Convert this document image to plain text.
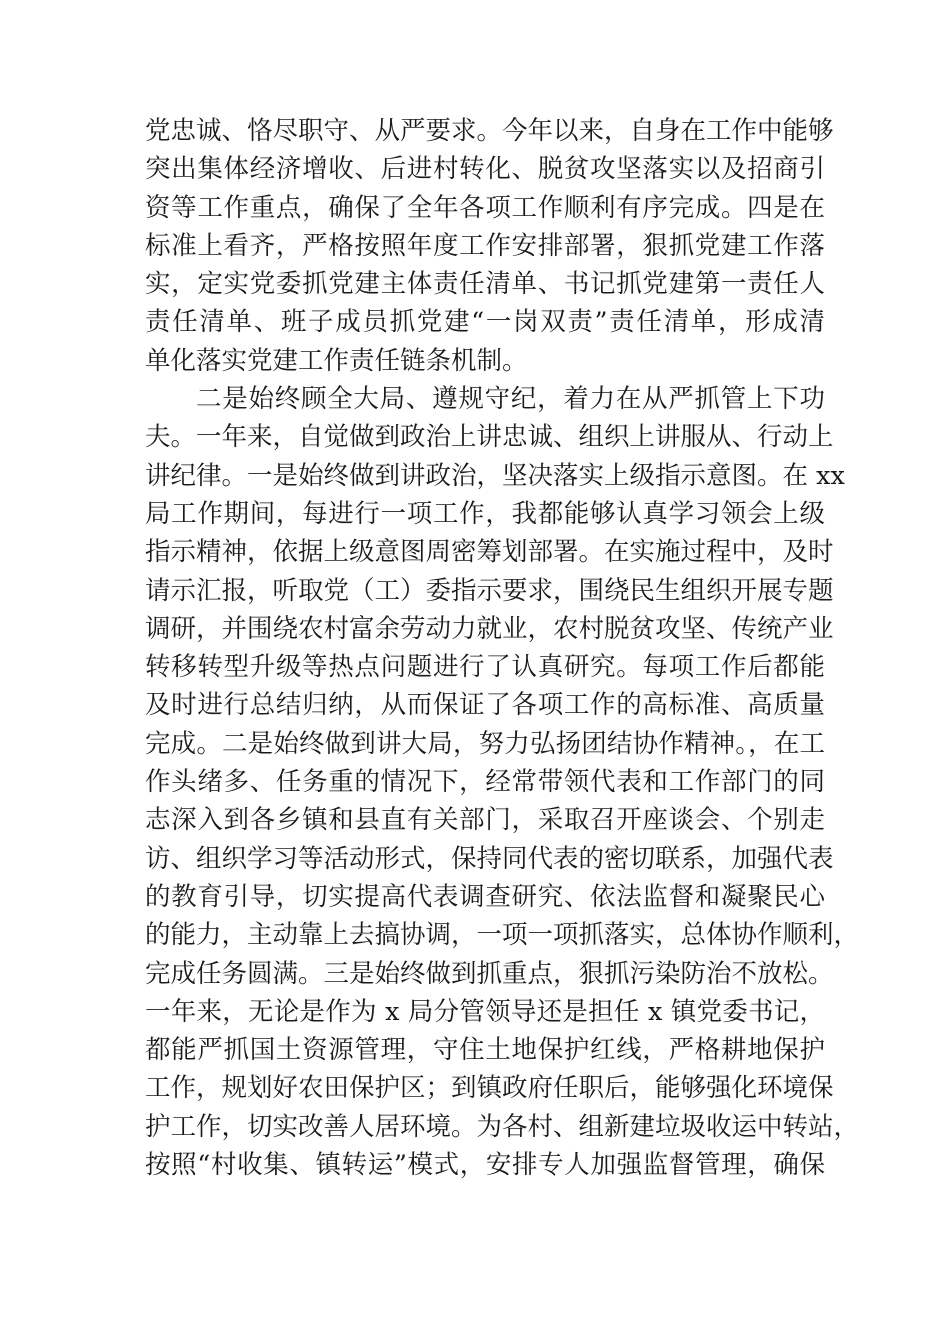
党忠诚、恪尽职守、从严要求。今年以来，自身在工作中能够
突出集体经济增收、后进村转化、脱贫攻坚落实以及招商引
资等工作重点，确保了全年各项工作顺利有序完成。四是在
标准上看齐，严格按照年度工作安排部署，狠抓党建工作落
实，定实党委抓党建主体责任清单、书记抓党建第一责任人
责任清单、班子成员抓党建“一岗双责”责任清单，形成清
单化落实党建工作责任链条机制。
二是始终顾全大局、遵规守纪，着力在从严抓管上下功
夫。一年来，自觉做到政治上讲忠诚、组织上讲服从、行动上
讲纪律。一是始终做到讲政治，坚决落实上级指示意图。在 xx
局工作期间，每进行一项工作，我都能够认真学习领会上级
指示精神，依据上级意图周密筹划部署。在实施过程中，及时
请示汇报，听取党（工）委指示要求，围绕民生组织开展专题
调研，并围绕农村富余劳动力就业，农村脱贫攻坚、传统产业
转移转型升级等热点问题进行了认真研究。每项工作后都能
及时进行总结归纳，从而保证了各项工作的高标准、高质量
完成。二是始终做到讲大局，努力弘扬团结协作精神。，在工
作头绪多、任务重的情况下，经常带领代表和工作部门的同
志深入到各乡镇和县直有关部门，采取召开座谈会、个别走
访、组织学习等活动形式，保持同代表的密切联系，加强代表
的教育引导，切实提高代表调查研究、依法监督和凝聚民心
的能力，主动靠上去搞协调，一项一项抓落实，总体协作顺利，
完成任务圆满。三是始终做到抓重点，狠抓污染防治不放松。
一年来，无论是作为 x 局分管领导还是担任 x 镇党委书记，
都能严抓国土资源管理，守住土地保护红线，严格耕地保护
工作，规划好农田保护区；到镇政府任职后，能够强化环境保
护工作，切实改善人居环境。为各村、组新建垃圾收运中转站，
按照“村收集、镇转运”模式，安排专人加强监督管理，确保
